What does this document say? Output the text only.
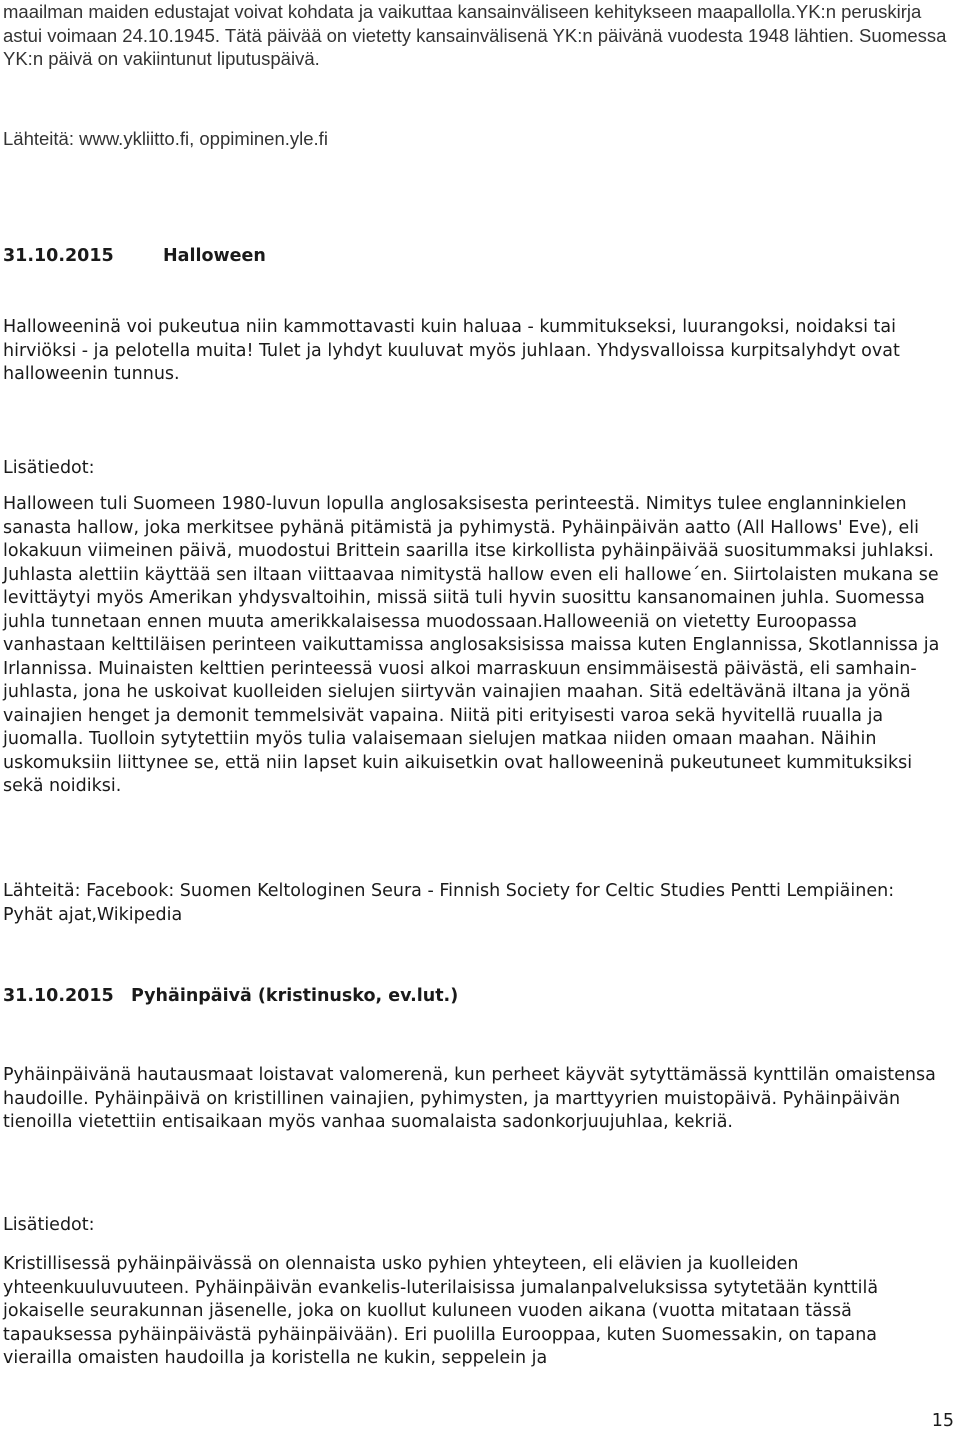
maailman maiden edustajat voivat kohdata ja vaikuttaa kansainväliseen kehitykseen maapallolla.YK:n peruskirja astui voimaan 24.10.1945. Tätä päivää on vietetty kansainvälisenä YK:n päivänä vuodesta 1948 lähtien. Suomessa YK:n päivä on vakiintunut liputuspäivä.

Lähteitä: www.ykliitto.fi, oppiminen.yle.fi

31.10.2015	Halloween

Halloweeninä voi pukeutua niin kammottavasti kuin haluaa - kummitukseksi, luurangoksi, noidaksi tai hirviöksi - ja pelotella muita! Tulet ja lyhdyt kuuluvat myös juhlaan. Yhdysvalloissa kurpitsalyhdyt ovat halloweenin tunnus.

Lisätiedot:

Halloween tuli Suomeen 1980-luvun lopulla anglosaksisesta perinteestä. Nimitys tulee englanninkielen sanasta hallow, joka merkitsee pyhänä pitämistä ja pyhimystä. Pyhäinpäivän aatto (All Hallows' Eve), eli lokakuun viimeinen päivä, muodostui Brittein saarilla itse kirkollista pyhäinpäivää suositummaksi juhlaksi. Juhlasta alettiin käyttää sen iltaan viittaavaa nimitystä hallow even eli hallowe´en. Siirtolaisten mukana se levittäytyi myös Amerikan yhdysvaltoihin, missä siitä tuli hyvin suosittu kansanomainen juhla. Suomessa juhla tunnetaan ennen muuta amerikkalaisessa muodossaan.Halloweeniä on vietetty Euroopassa vanhastaan kelttiläisen perinteen vaikuttamissa anglosaksisissa maissa kuten Englannissa, Skotlannissa ja Irlannissa. Muinaisten kelttien perinteessä vuosi alkoi marraskuun ensimmäisestä päivästä, eli samhain-juhlasta, jona he uskoivat kuolleiden sielujen siirtyvän vainajien maahan. Sitä edeltävänä iltana ja yönä vainajien henget ja demonit temmelsivät vapaina. Niitä piti erityisesti varoa sekä hyvitellä ruualla ja juomalla. Tuolloin sytytettiin myös tulia valaisemaan sielujen matkaa niiden omaan maahan. Näihin uskomuksiin liittynee se, että niin lapset kuin aikuisetkin ovat halloweeninä pukeutuneet kummituksiksi sekä noidiksi.

Lähteitä: Facebook: Suomen Keltologinen Seura - Finnish Society for Celtic Studies Pentti Lempiäinen: Pyhät ajat,Wikipedia

31.10.2015 Pyhäinpäivä (kristinusko, ev.lut.)

Pyhäinpäivänä hautausmaat loistavat valomerenä, kun perheet käyvät sytyttämässä kynttilän omaistensa haudoille. Pyhäinpäivä on kristillinen vainajien, pyhimysten, ja marttyyrien muistopäivä. Pyhäinpäivän tienoilla vietettiin entisaikaan myös vanhaa suomalaista sadonkorjuujuhlaa, kekriä.

Lisätiedot:

Kristillisessä pyhäinpäivässä on olennaista usko pyhien yhteyteen, eli elävien ja kuolleiden yhteenkuuluvuuteen. Pyhäinpäivän evankelis-luterilaisissa jumalanpalveluksissa sytytetään kynttilä jokaiselle seurakunnan jäsenelle, joka on kuollut kuluneen vuoden aikana (vuotta mitataan tässä tapauksessa pyhäinpäivästä pyhäinpäivään). Eri puolilla Eurooppaa, kuten Suomessakin, on tapana vierailla omaisten haudoilla ja koristella ne kukin, seppelein ja

15
